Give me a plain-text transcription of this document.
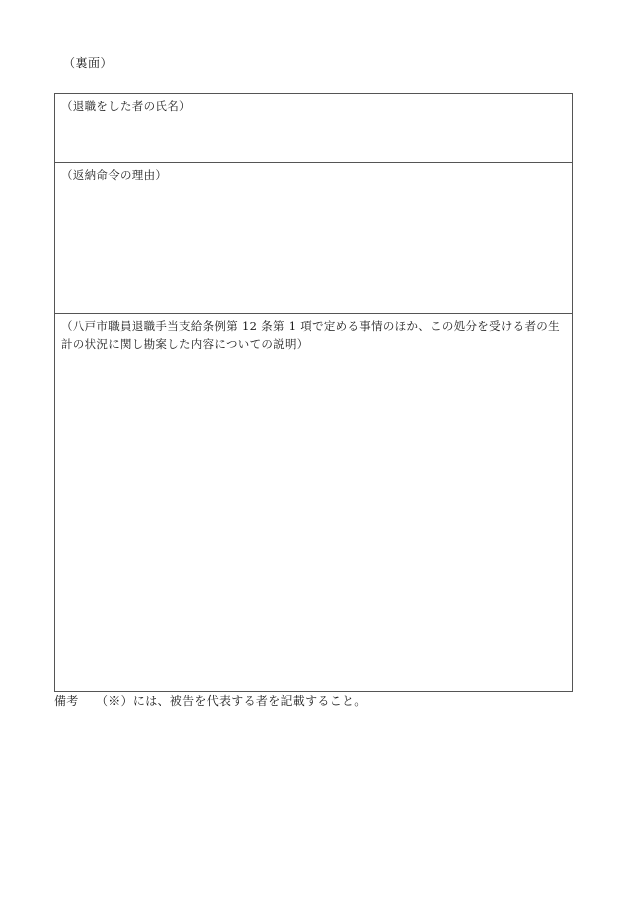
（裏面）
（退職をした者の氏名）
（返納命令の理由）
（八戸市職員退職手当支給条例第 12 条第 1 項で定める事情のほか、この処分を受ける者の生計の状況に関し勘案した内容についての説明）
備考 （※）には、被告を代表する者を記載すること。
